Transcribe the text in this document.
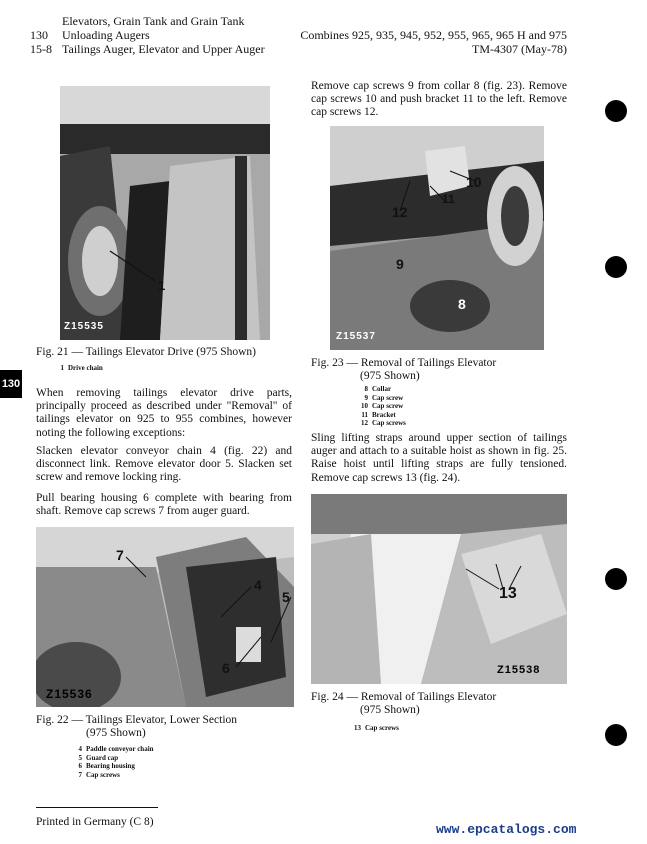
Elevators, Grain Tank and Grain Tank
130 Unloading Augers	Combines 925, 935, 945, 952, 955, 965, 965 H and 975
15-8 Tailings Auger, Elevator and Upper Auger	TM-4307 (May-78)
130
1
Z15535
Fig. 21 — Tailings Elevator Drive (975 Shown)
1 Drive chain
When removing tailings elevator drive parts, principally proceed as described under "Removal" of tailings elevator on 925 to 955 combines, however noting the following exceptions:
Slacken elevator conveyor chain 4 (fig. 22) and disconnect link. Remove elevator door 5. Slacken set screw and remove locking ring.
Pull bearing housing 6 complete with bearing from shaft. Remove cap screws 7 from auger guard.
7
4
5
6
Z15536
Fig. 22 — Tailings Elevator, Lower Section
(975 Shown)
4 Paddle conveyor chain
5 Guard cap
6 Bearing housing
7 Cap screws
Printed in Germany (C 8)	www.epcatalogs.com
Remove cap screws 9 from collar 8 (fig. 23). Remove cap screws 10 and push bracket 11 to the left. Remove cap screws 12.
10
11
12
9
8
Z15537
Fig. 23 — Removal of Tailings Elevator
(975 Shown)
8 Collar
9 Cap screw
10 Cap screw
11 Bracket
12 Cap screws
Sling lifting straps around upper section of tailings auger and attach to a suitable hoist as shown in fig. 25. Raise hoist until lifting straps are fully tensioned. Remove cap screws 13 (fig. 24).
13
Z15538
Fig. 24 — Removal of Tailings Elevator
(975 Shown)
13 Cap screws
